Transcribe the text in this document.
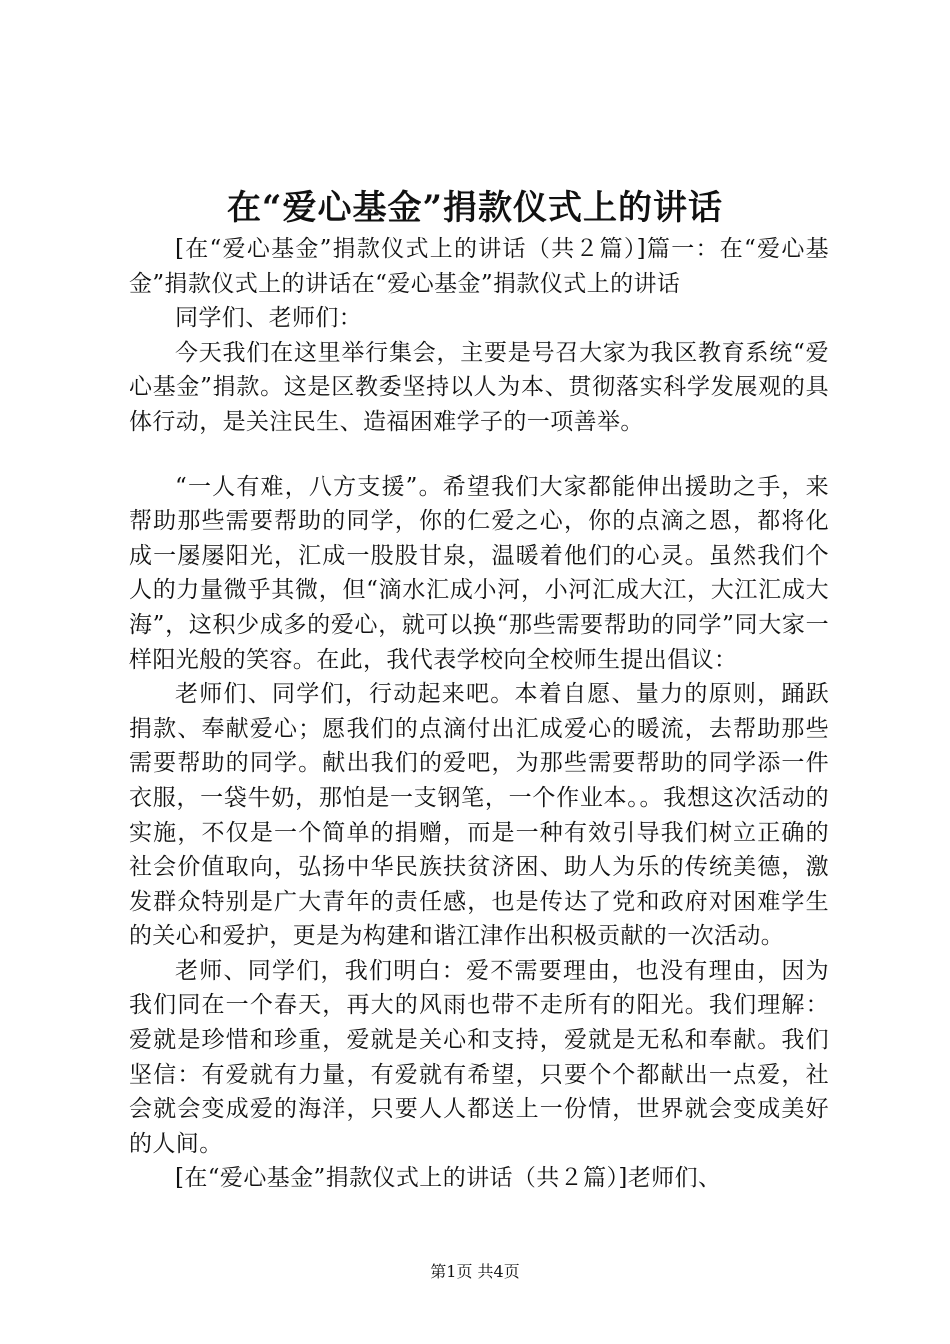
在“爱心基金”捐款仪式上的讲话

[在“爱心基金”捐款仪式上的讲话（共２篇）]篇一：在“爱心基金”捐款仪式上的讲话在“爱心基金”捐款仪式上的讲话

同学们、老师们：

今天我们在这里举行集会，主要是号召大家为我区教育系统“爱心基金”捐款。这是区教委坚持以人为本、贯彻落实科学发展观的具体行动，是关注民生、造福困难学子的一项善举。

“一人有难，八方支援”。希望我们大家都能伸出援助之手，来帮助那些需要帮助的同学，你的仁爱之心，你的点滴之恩，都将化成一屡屡阳光，汇成一股股甘泉，温暖着他们的心灵。虽然我们个人的力量微乎其微，但“滴水汇成小河，小河汇成大江，大江汇成大海”，这积少成多的爱心，就可以换“那些需要帮助的同学”同大家一样阳光般的笑容。在此，我代表学校向全校师生提出倡议：

老师们、同学们，行动起来吧。本着自愿、量力的原则，踊跃捐款、奉献爱心；愿我们的点滴付出汇成爱心的暖流，去帮助那些需要帮助的同学。献出我们的爱吧，为那些需要帮助的同学添一件衣服，一袋牛奶，那怕是一支钢笔，一个作业本。。我想这次活动的实施，不仅是一个简单的捐赠，而是一种有效引导我们树立正确的社会价值取向，弘扬中华民族扶贫济困、助人为乐的传统美德，激发群众特别是广大青年的责任感，也是传达了党和政府对困难学生的关心和爱护，更是为构建和谐江津作出积极贡献的一次活动。

老师、同学们，我们明白：爱不需要理由，也没有理由，因为我们同在一个春天，再大的风雨也带不走所有的阳光。我们理解：爱就是珍惜和珍重，爱就是关心和支持，爱就是无私和奉献。我们坚信：有爱就有力量，有爱就有希望，只要个个都献出一点爱，社会就会变成爱的海洋，只要人人都送上一份情，世界就会变成美好的人间。

[在“爱心基金”捐款仪式上的讲话（共２篇）]老师们、

第1页 共4页
